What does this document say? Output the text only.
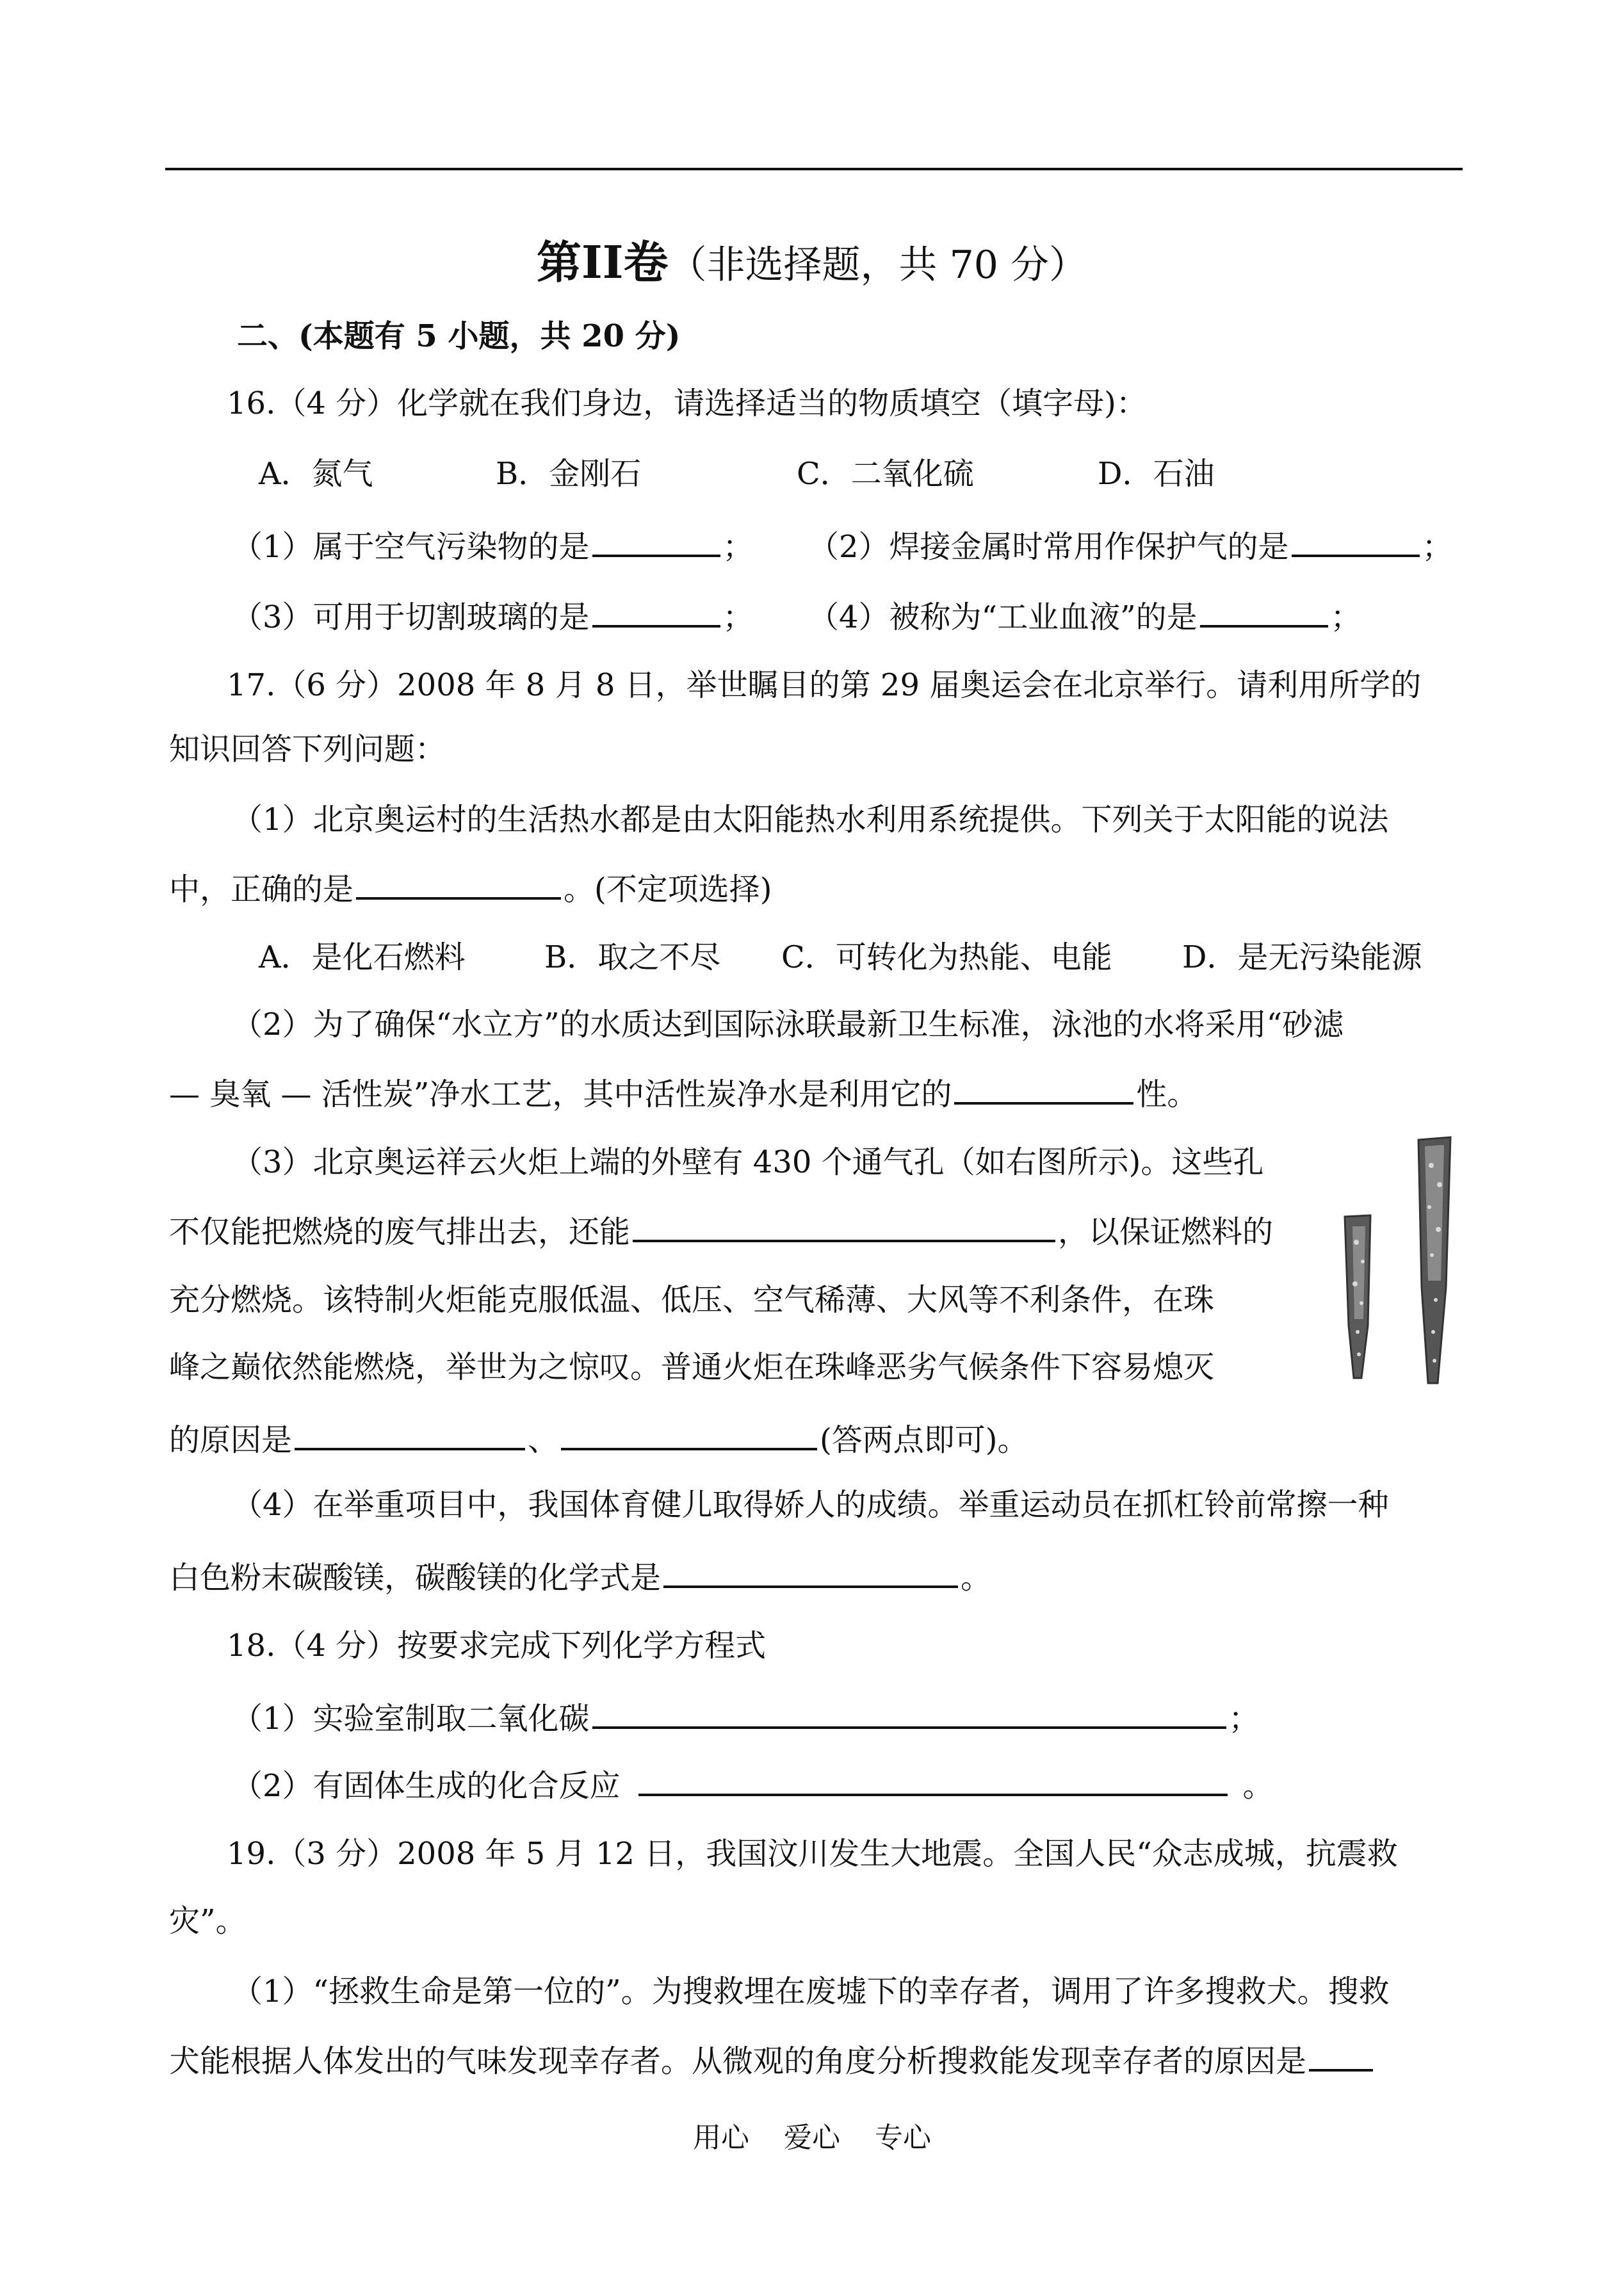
第II卷（非选择题，共 70 分）
二、(本题有 5 小题，共 20 分)
16.（4 分）化学就在我们身边，请选择适当的物质填空（填字母)：
A．氮气	B．金刚石	C．二氧化硫	D．石油
（1）属于空气污染物的是	； （2）焊接金属时常用作保护气的是	；
（3）可用于切割玻璃的是	； （4）被称为“工业血液”的是	；
17.（6 分）2008 年 8 月 8 日，举世瞩目的第 29 届奥运会在北京举行。请利用所学的
知识回答下列问题：
（1）北京奥运村的生活热水都是由太阳能热水利用系统提供。下列关于太阳能的说法
中，正确的是	。(不定项选择)
A．是化石燃料	B．取之不尽 C．可转化为热能、电能 D．是无污染能源
（2）为了确保“水立方”的水质达到国际泳联最新卫生标准，泳池的水将采用“砂滤
— 臭氧 — 活性炭”净水工艺，其中活性炭净水是利用它的	性。
（3）北京奥运祥云火炬上端的外壁有 430 个通气孔（如右图所示)。这些孔
不仅能把燃烧的废气排出去，还能	，以保证燃料的
充分燃烧。该特制火炬能克服低温、低压、空气稀薄、大风等不利条件，在珠
峰之巅依然能燃烧，举世为之惊叹。普通火炬在珠峰恶劣气候条件下容易熄灭
的原因是	、	(答两点即可)。
（4）在举重项目中，我国体育健儿取得娇人的成绩。举重运动员在抓杠铃前常擦一种
白色粉末碳酸镁，碳酸镁的化学式是	。
18.（4 分）按要求完成下列化学方程式
（1）实验室制取二氧化碳	；
（2）有固体生成的化合反应	。
19.（3 分）2008 年 5 月 12 日，我国汶川发生大地震。全国人民“众志成城，抗震救
灾”。
（1）“拯救生命是第一位的”。为搜救埋在废墟下的幸存者，调用了许多搜救犬。搜救
犬能根据人体发出的气味发现幸存者。从微观的角度分析搜救能发现幸存者的原因是
用心 爱心 专心
